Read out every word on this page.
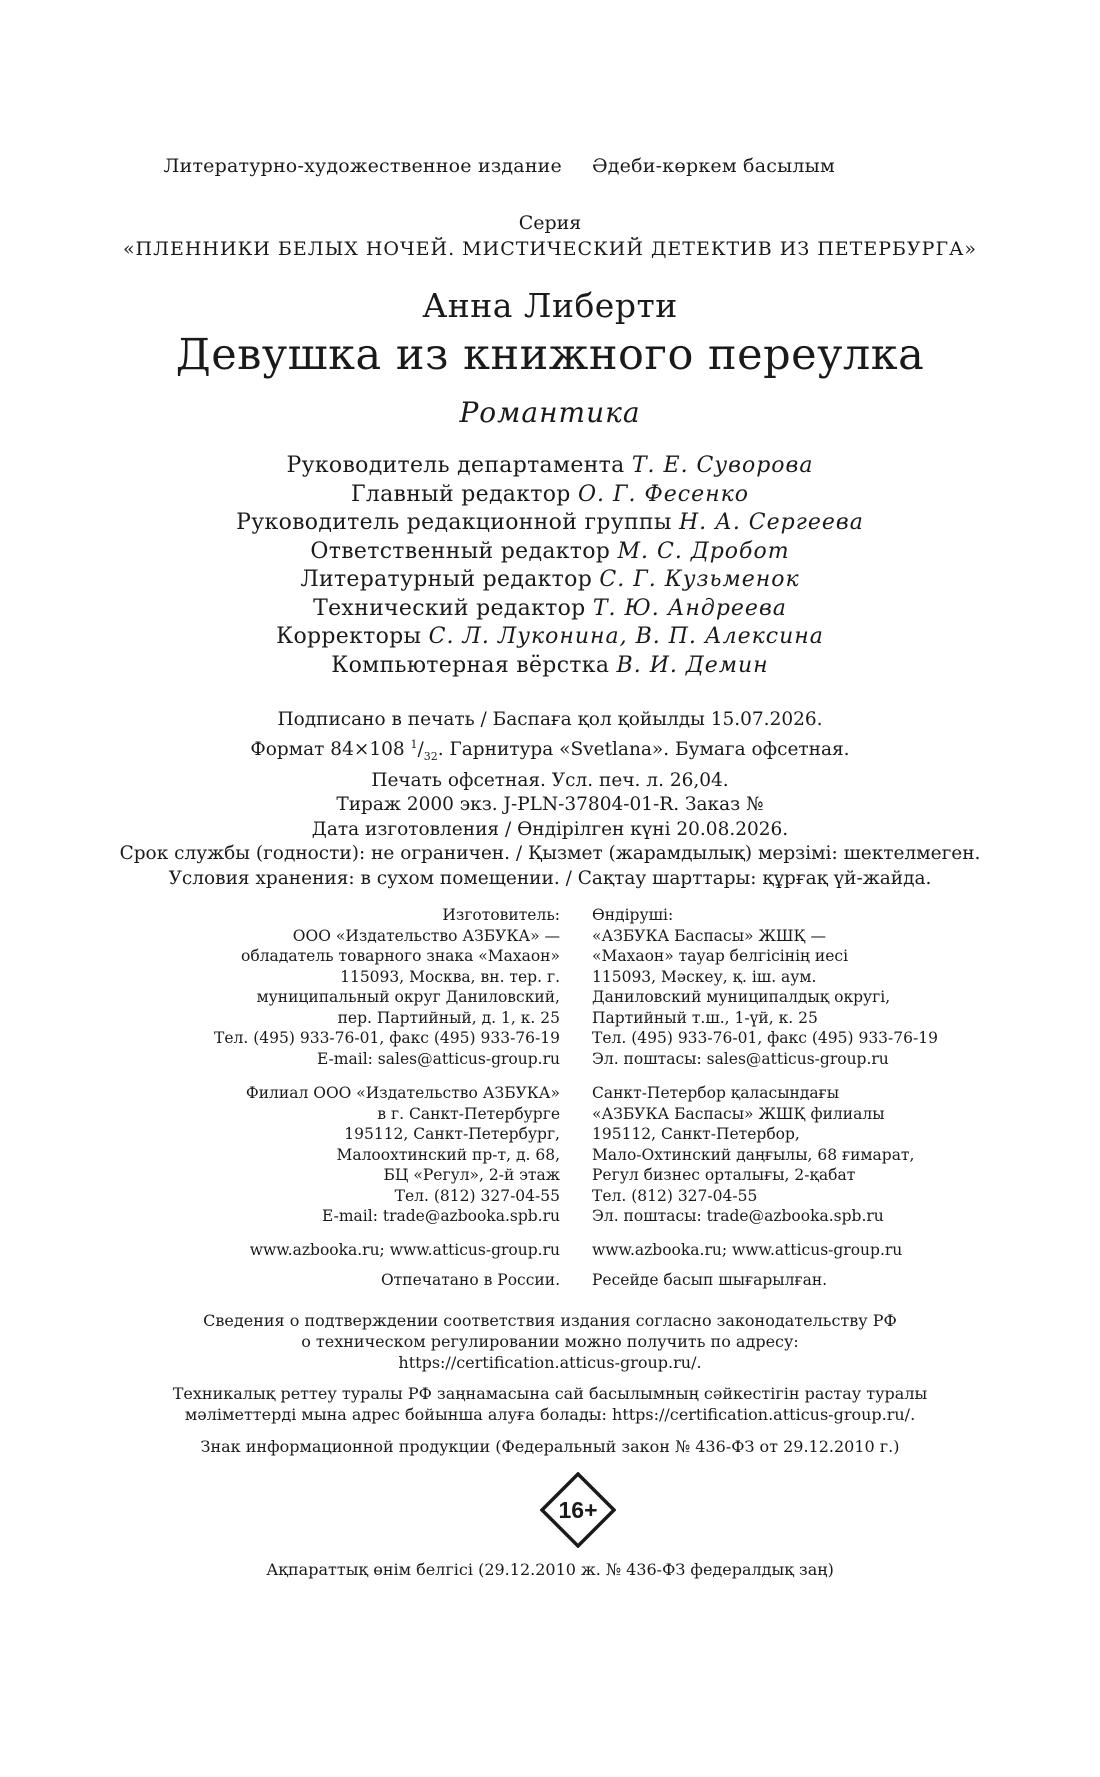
Литературно-художественное издание Әдеби-көркем басылым
Серия
«ПЛЕННИКИ БЕЛЫХ НОЧЕЙ. МИСТИЧЕСКИЙ ДЕТЕКТИВ ИЗ ПЕТЕРБУРГА»
Анна Либерти
Девушка из книжного переулка
Романтика
Руководитель департамента Т. Е. Суворова
Главный редактор О. Г. Фесенко
Руководитель редакционной группы Н. А. Сергеева
Ответственный редактор М. С. Дробот
Литературный редактор С. Г. Кузьменок
Технический редактор Т. Ю. Андреева
Корректоры С. Л. Луконина, В. П. Алексина
Компьютерная вёрстка В. И. Демин
Подписано в печать / Баспаға қол қойылды 15.07.2026.
Формат 84×108 $^1/_{32}$. Гарнитура «Svetlana». Бумага офсетная.
Печать офсетная. Усл. печ. л. 26,04.
Тираж 2000 экз. J-PLN-37804-01-R. Заказ №
Дата изготовления / Өндірілген күні 20.08.2026.
Срок службы (годности): не ограничен. / Қызмет (жарамдылық) мерзімі: шектелмеген.
Условия хранения: в сухом помещении. / Сақтау шарттары: құрғақ үй-жайда.
Изготовитель:
ООО «Издательство АЗБУКА» —
обладатель товарного знака «Махаон»
115093, Москва, вн. тер. г.
муниципальный округ Даниловский,
пер. Партийный, д. 1, к. 25
Тел. (495) 933-76-01, факс (495) 933-76-19
E-mail: sales@atticus-group.ru
Өндіруші:
«АЗБУКА Баспасы» ЖШҚ —
«Махаон» тауар белгісінің иесі
115093, Мәскеу, қ. іш. аум.
Даниловский муниципалдық округі,
Партийный т.ш., 1-үй, к. 25
Тел. (495) 933-76-01, факс (495) 933-76-19
Эл. поштасы: sales@atticus-group.ru
Филиал ООО «Издательство АЗБУКА»
в г. Санкт-Петербурге
195112, Санкт-Петербург,
Малоохтинский пр-т, д. 68,
БЦ «Регул», 2-й этаж
Тел. (812) 327-04-55
E-mail: trade@azbooka.spb.ru
Санкт-Петербор қаласындағы
«АЗБУКА Баспасы» ЖШҚ филиалы
195112, Санкт-Петербор,
Мало-Охтинский даңғылы, 68 ғимарат,
Регул бизнес орталығы, 2-қабат
Тел. (812) 327-04-55
Эл. поштасы: trade@azbooka.spb.ru
www.azbooka.ru; www.atticus-group.ru www.azbooka.ru; www.atticus-group.ru
Отпечатано в России. Ресейде басып шығарылған.
Сведения о подтверждении соответствия издания согласно законодательству РФ
о техническом регулировании можно получить по адресу:
https://certification.atticus-group.ru/.
Техникалық реттеу туралы РФ заңнамасына сай басылымның сәйкестігін растау туралы
мәліметтерді мына адрес бойынша алуға болады: https://certification.atticus-group.ru/.
Знак информационной продукции (Федеральный закон № 436-ФЗ от 29.12.2010 г.)
16+
Ақпараттық өнім белгісі (29.12.2010 ж. № 436-ФЗ федералдық заң)
